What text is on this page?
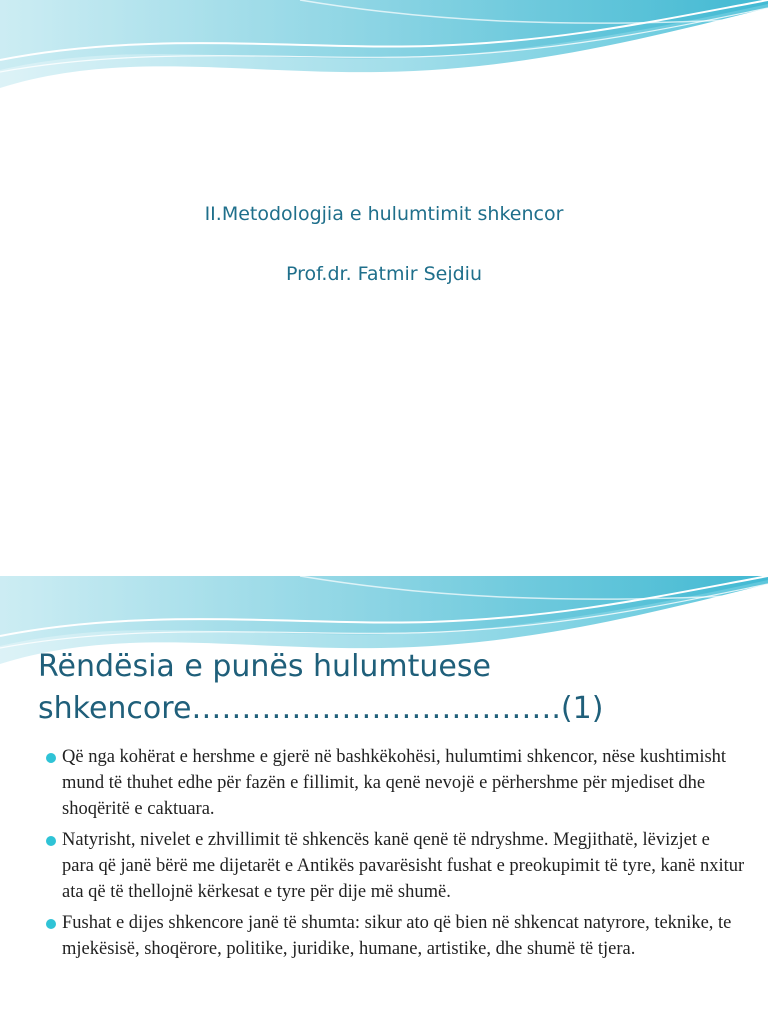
II.Metodologjia e hulumtimit shkencor
Prof.dr. Fatmir Sejdiu
Rëndësia e punës hulumtuese
shkencore……………………………….(1)
Që nga kohërat e hershme e gjerë në bashkëkohësi, hulumtimi shkencor, nëse kushtimisht mund të thuhet edhe për fazën e fillimit, ka qenë nevojë e përhershme për mjediset dhe shoqëritë e caktuara.
Natyrisht, nivelet e zhvillimit të shkencës kanë qenë të ndryshme. Megjithatë, lëvizjet e para që janë bërë me dijetarët e Antikës pavarësisht fushat e preokupimit të tyre, kanë nxitur ata që të thellojnë kërkesat e tyre për dije më shumë.
Fushat e dijes shkencore janë të shumta: sikur ato që bien në shkencat natyrore, teknike, te mjekësisë, shoqërore, politike, juridike, humane, artistike, dhe shumë të tjera.
